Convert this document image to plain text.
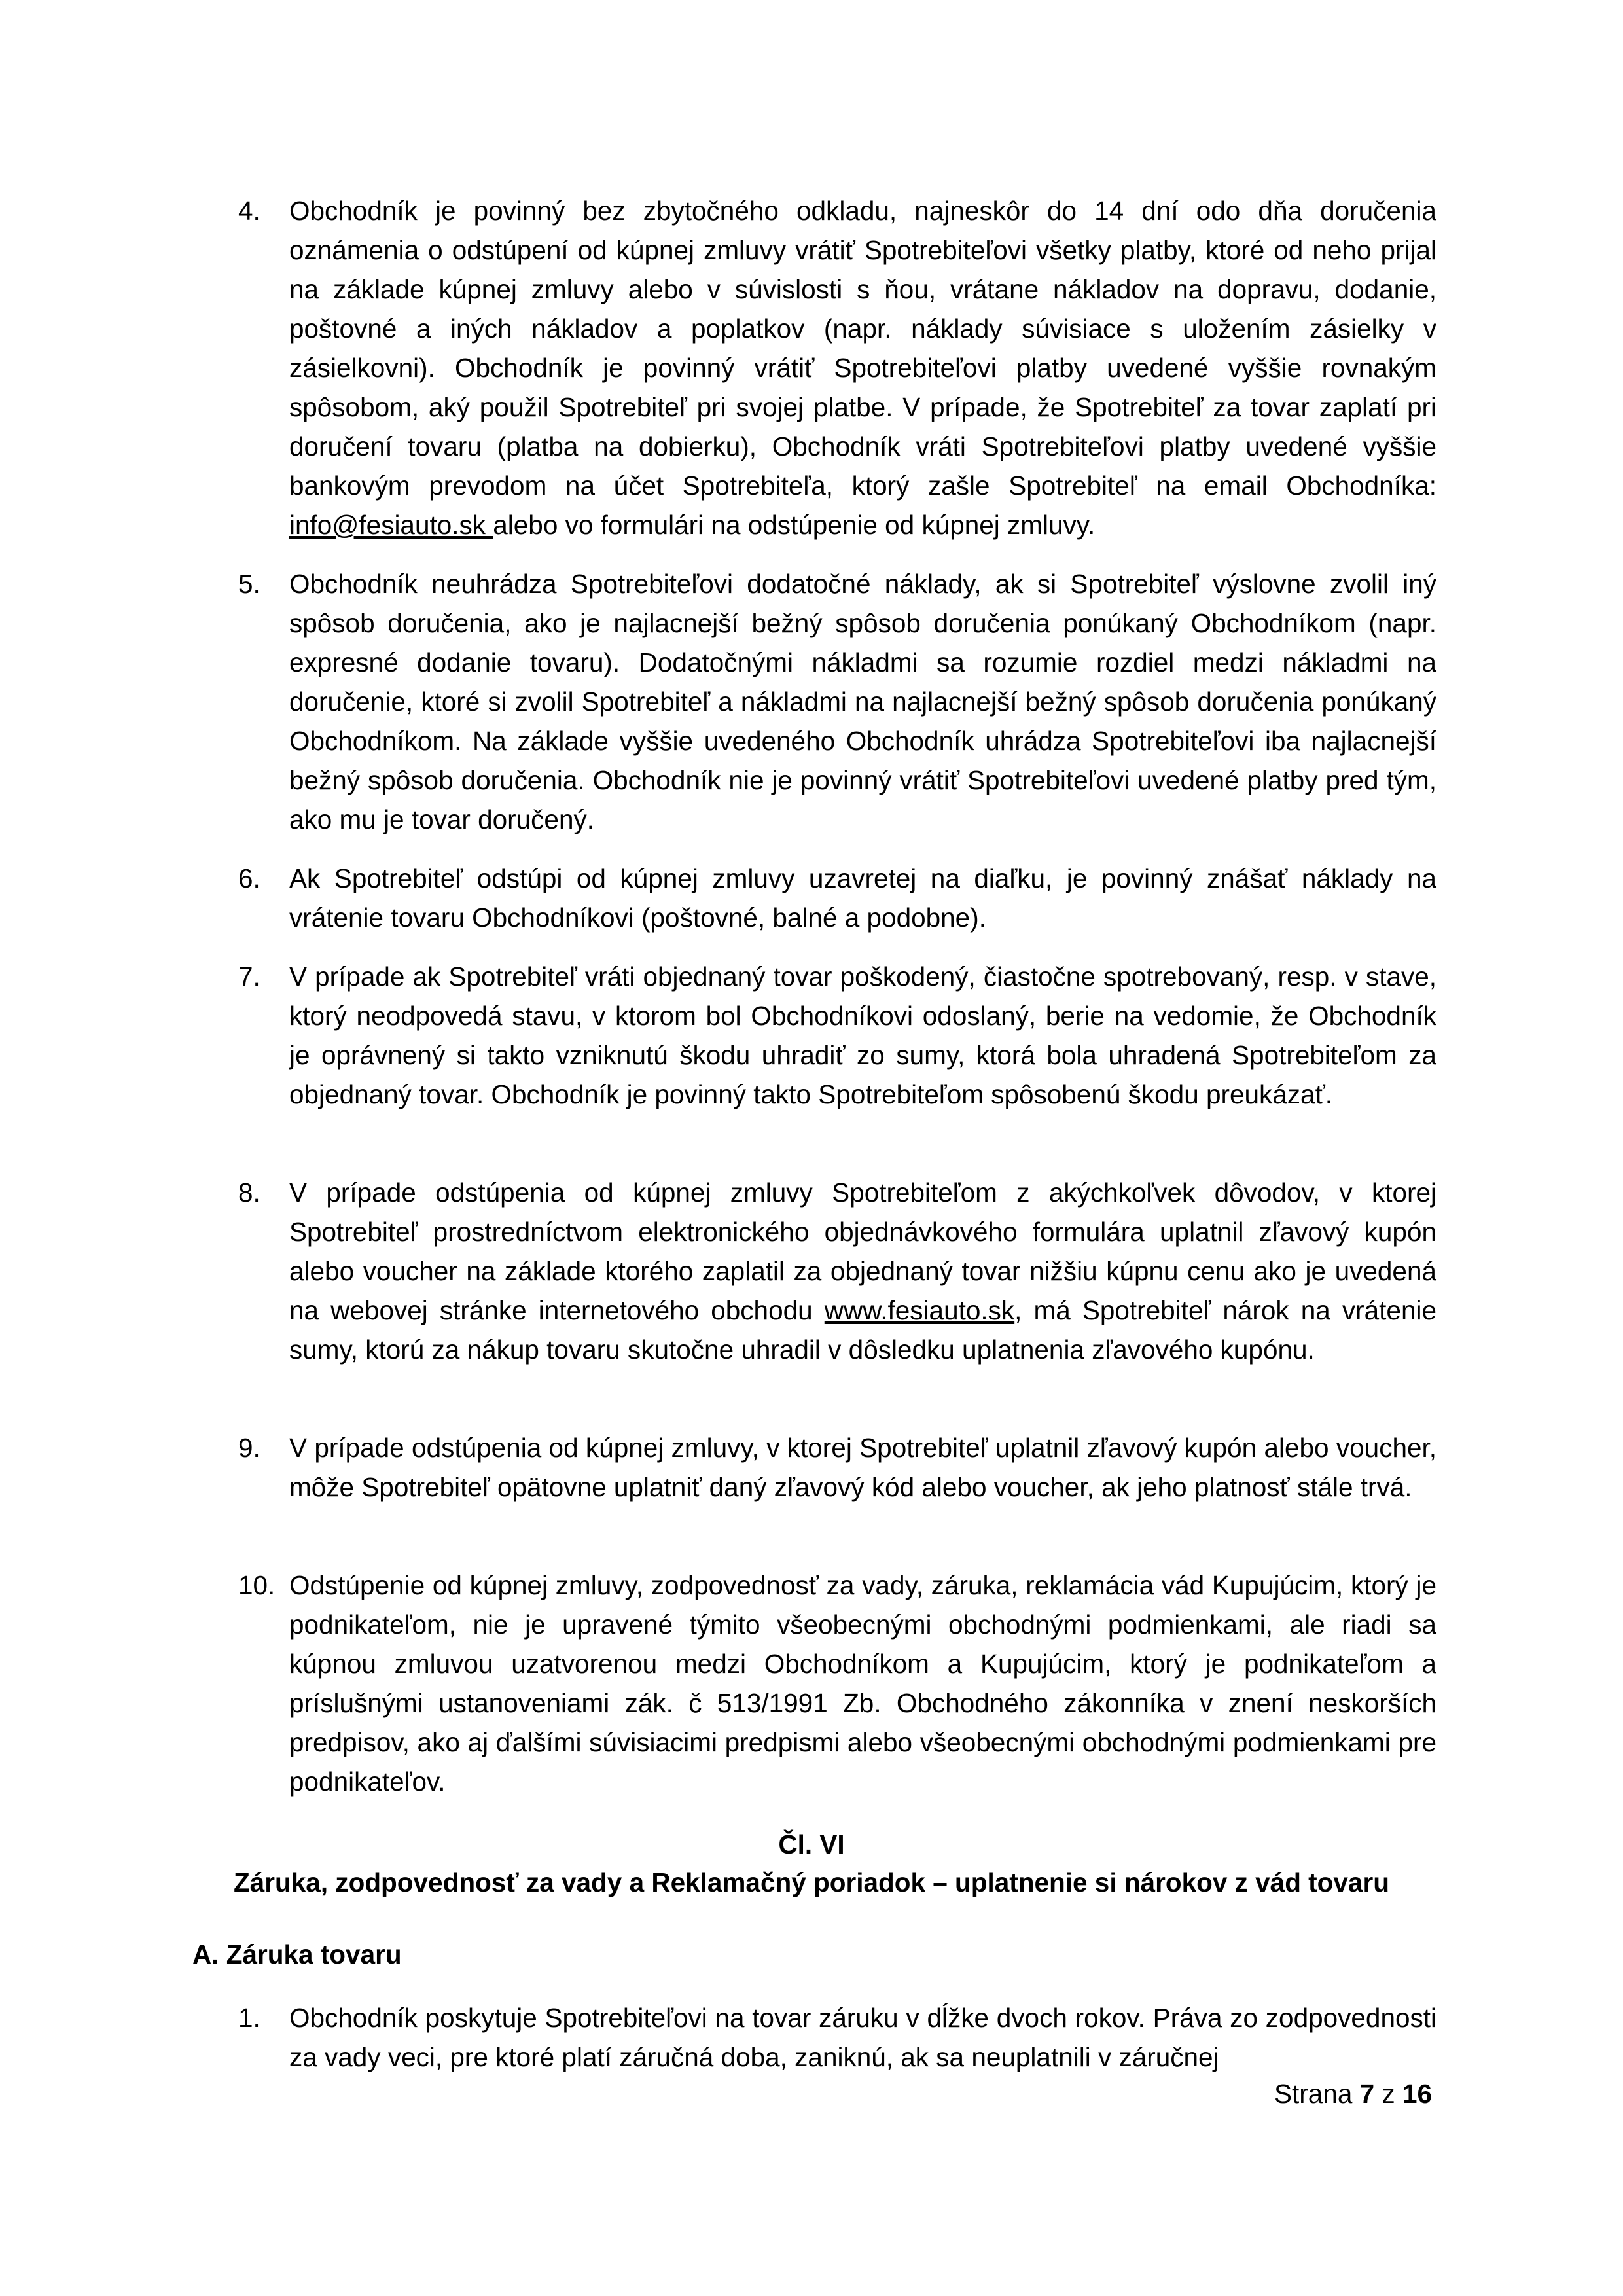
4. Obchodník je povinný bez zbytočného odkladu, najneskôr do 14 dní odo dňa doručenia oznámenia o odstúpení od kúpnej zmluvy vrátiť Spotrebiteľovi všetky platby, ktoré od neho prijal na základe kúpnej zmluvy alebo v súvislosti s ňou, vrátane nákladov na dopravu, dodanie, poštovné a iných nákladov a poplatkov (napr. náklady súvisiace s uložením zásielky v zásielkovni). Obchodník je povinný vrátiť Spotrebiteľovi platby uvedené vyššie rovnakým spôsobom, aký použil Spotrebiteľ pri svojej platbe. V prípade, že Spotrebiteľ za tovar zaplatí pri doručení tovaru (platba na dobierku), Obchodník vráti Spotrebiteľovi platby uvedené vyššie bankovým prevodom na účet Spotrebiteľa, ktorý zašle Spotrebiteľ na email Obchodníka: info@fesiauto.sk alebo vo formulári na odstúpenie od kúpnej zmluvy.
5. Obchodník neuhrádza Spotrebiteľovi dodatočné náklady, ak si Spotrebiteľ výslovne zvolil iný spôsob doručenia, ako je najlacnejší bežný spôsob doručenia ponúkaný Obchodníkom (napr. expresné dodanie tovaru). Dodatočnými nákladmi sa rozumie rozdiel medzi nákladmi na doručenie, ktoré si zvolil Spotrebiteľ a nákladmi na najlacnejší bežný spôsob doručenia ponúkaný Obchodníkom. Na základe vyššie uvedeného Obchodník uhrádza Spotrebiteľovi iba najlacnejší bežný spôsob doručenia. Obchodník nie je povinný vrátiť Spotrebiteľovi uvedené platby pred tým, ako mu je tovar doručený.
6. Ak Spotrebiteľ odstúpi od kúpnej zmluvy uzavretej na diaľku, je povinný znášať náklady na vrátenie tovaru Obchodníkovi (poštovné, balné a podobne).
7. V prípade ak Spotrebiteľ vráti objednaný tovar poškodený, čiastočne spotrebovaný, resp. v stave, ktorý neodpovedá stavu, v ktorom bol Obchodníkovi odoslaný, berie na vedomie, že Obchodník je oprávnený si takto vzniknutú škodu uhradiť zo sumy, ktorá bola uhradená Spotrebiteľom za objednaný tovar. Obchodník je povinný takto Spotrebiteľom spôsobenú škodu preukázať.
8. V prípade odstúpenia od kúpnej zmluvy Spotrebiteľom z akýchkoľvek dôvodov, v ktorej Spotrebiteľ prostredníctvom elektronického objednávkového formulára uplatnil zľavový kupón alebo voucher na základe ktorého zaplatil za objednaný tovar nižšiu kúpnu cenu ako je uvedená na webovej stránke internetového obchodu www.fesiauto.sk, má Spotrebiteľ nárok na vrátenie sumy, ktorú za nákup tovaru skutočne uhradil v dôsledku uplatnenia zľavového kupónu.
9. V prípade odstúpenia od kúpnej zmluvy, v ktorej Spotrebiteľ uplatnil zľavový kupón alebo voucher, môže Spotrebiteľ opätovne uplatniť daný zľavový kód alebo voucher, ak jeho platnosť stále trvá.
10. Odstúpenie od kúpnej zmluvy, zodpovednosť za vady, záruka, reklamácia vád Kupujúcim, ktorý je podnikateľom, nie je upravené týmito všeobecnými obchodnými podmienkami, ale riadi sa kúpnou zmluvou uzatvorenou medzi Obchodníkom a Kupujúcim, ktorý je podnikateľom a príslušnými ustanoveniami zák. č 513/1991 Zb. Obchodného zákonníka v znení neskorších predpisov, ako aj ďalšími súvisiacimi predpismi alebo všeobecnými obchodnými podmienkami pre podnikateľov.
Čl. VI
Záruka, zodpovednosť za vady a Reklamačný poriadok – uplatnenie si nárokov z vád tovaru
A. Záruka tovaru
1. Obchodník poskytuje Spotrebiteľovi na tovar záruku v dĺžke dvoch rokov. Práva zo zodpovednosti za vady veci, pre ktoré platí záručná doba, zaniknú, ak sa neuplatnili v záručnej
Strana 7 z 16
